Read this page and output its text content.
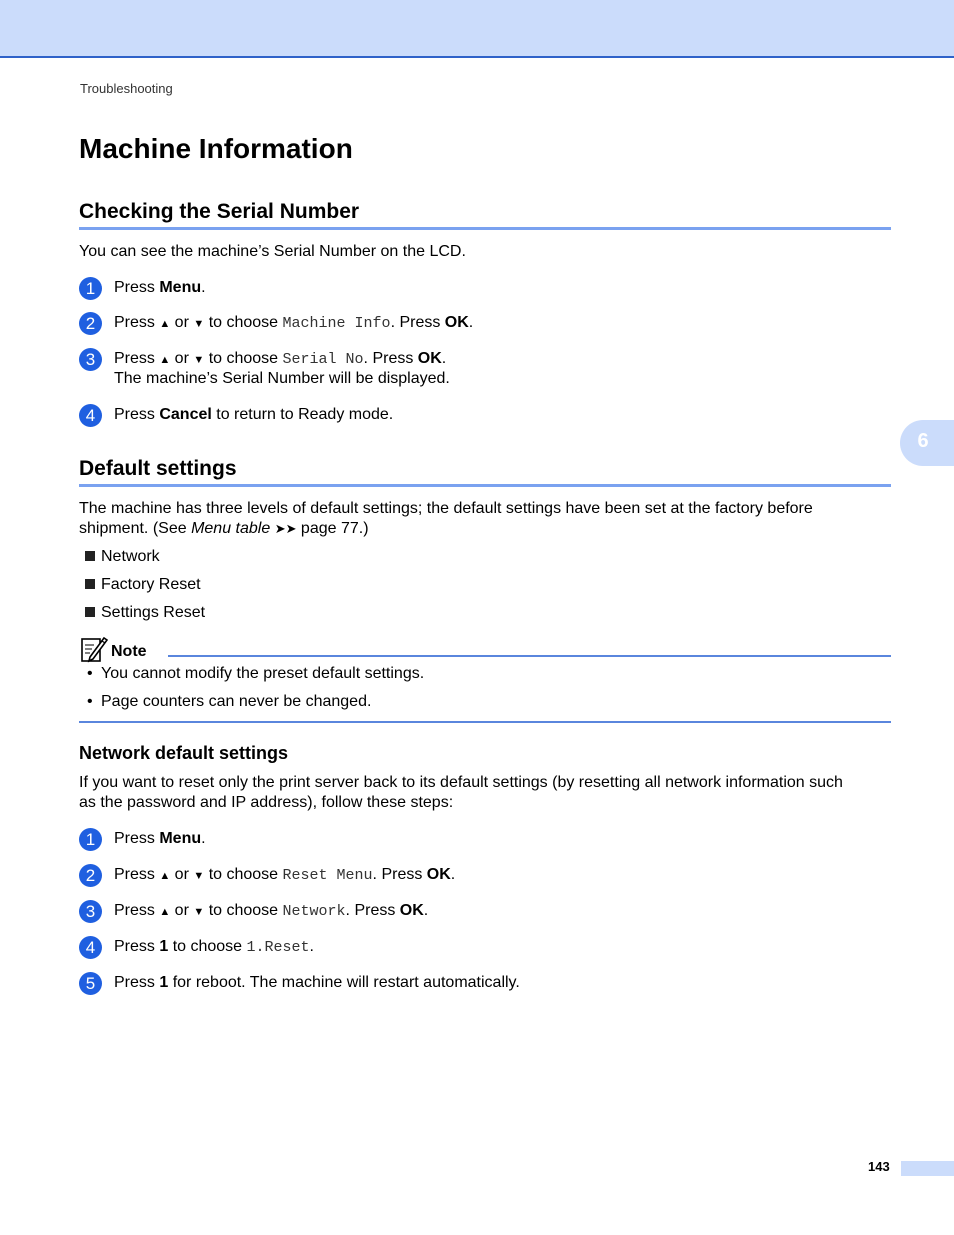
Troubleshooting
Machine Information
Checking the Serial Number
You can see the machine’s Serial Number on the LCD.
1	Press Menu.
2	Press ▲ or ▼ to choose Machine Info. Press OK.
3	Press ▲ or ▼ to choose Serial No. Press OK.
The machine’s Serial Number will be displayed.
4	Press Cancel to return to Ready mode.
6
Default settings
The machine has three levels of default settings; the default settings have been set at the factory before
shipment. (See Menu table ➤➤ page 77.)
Network
Factory Reset
Settings Reset
Note
• You cannot modify the preset default settings.
• Page counters can never be changed.
Network default settings
If you want to reset only the print server back to its default settings (by resetting all network information such
as the password and IP address), follow these steps:
1	Press Menu.
2	Press ▲ or ▼ to choose Reset Menu. Press OK.
3	Press ▲ or ▼ to choose Network. Press OK.
4	Press 1 to choose 1.Reset.
5	Press 1 for reboot. The machine will restart automatically.
143
